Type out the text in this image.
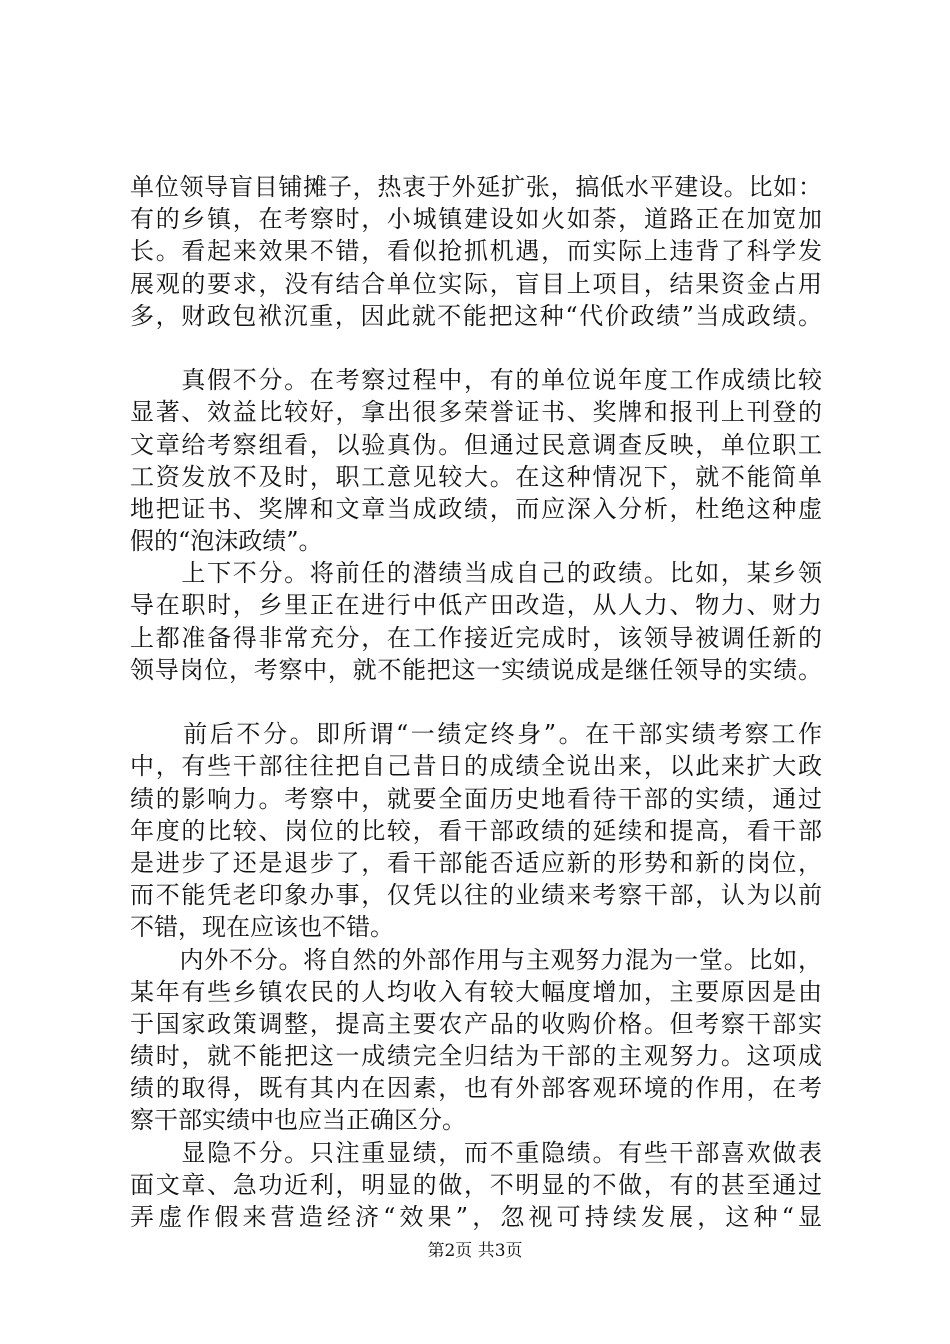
单位领导盲目铺摊子，热衷于外延扩张，搞低水平建设。比如：
有的乡镇，在考察时，小城镇建设如火如荼，道路正在加宽加
长。看起来效果不错，看似抢抓机遇，而实际上违背了科学发
展观的要求，没有结合单位实际，盲目上项目，结果资金占用
多，财政包袱沉重，因此就不能把这种“代价政绩”当成政绩。
　　真假不分。在考察过程中，有的单位说年度工作成绩比较
显著、效益比较好，拿出很多荣誉证书、奖牌和报刊上刊登的
文章给考察组看，以验真伪。但通过民意调查反映，单位职工
工资发放不及时，职工意见较大。在这种情况下，就不能简单
地把证书、奖牌和文章当成政绩，而应深入分析，杜绝这种虚
假的“泡沫政绩”。
　　上下不分。将前任的潜绩当成自己的政绩。比如，某乡领
导在职时，乡里正在进行中低产田改造，从人力、物力、财力
上都准备得非常充分，在工作接近完成时，该领导被调任新的
领导岗位，考察中，就不能把这一实绩说成是继任领导的实绩。
　　前后不分。即所谓“一绩定终身”。在干部实绩考察工作
中，有些干部往往把自己昔日的成绩全说出来，以此来扩大政
绩的影响力。考察中，就要全面历史地看待干部的实绩，通过
年度的比较、岗位的比较，看干部政绩的延续和提高，看干部
是进步了还是退步了，看干部能否适应新的形势和新的岗位，
而不能凭老印象办事，仅凭以往的业绩来考察干部，认为以前
不错，现在应该也不错。
　　内外不分。将自然的外部作用与主观努力混为一堂。比如，
某年有些乡镇农民的人均收入有较大幅度增加，主要原因是由
于国家政策调整，提高主要农产品的收购价格。但考察干部实
绩时，就不能把这一成绩完全归结为干部的主观努力。这项成
绩的取得，既有其内在因素，也有外部客观环境的作用，在考
察干部实绩中也应当正确区分。
　　显隐不分。只注重显绩，而不重隐绩。有些干部喜欢做表
面文章、急功近利，明显的做，不明显的不做，有的甚至通过
弄虚作假来营造经济“效果”，忽视可持续发展，这种“显
第2页 共3页
